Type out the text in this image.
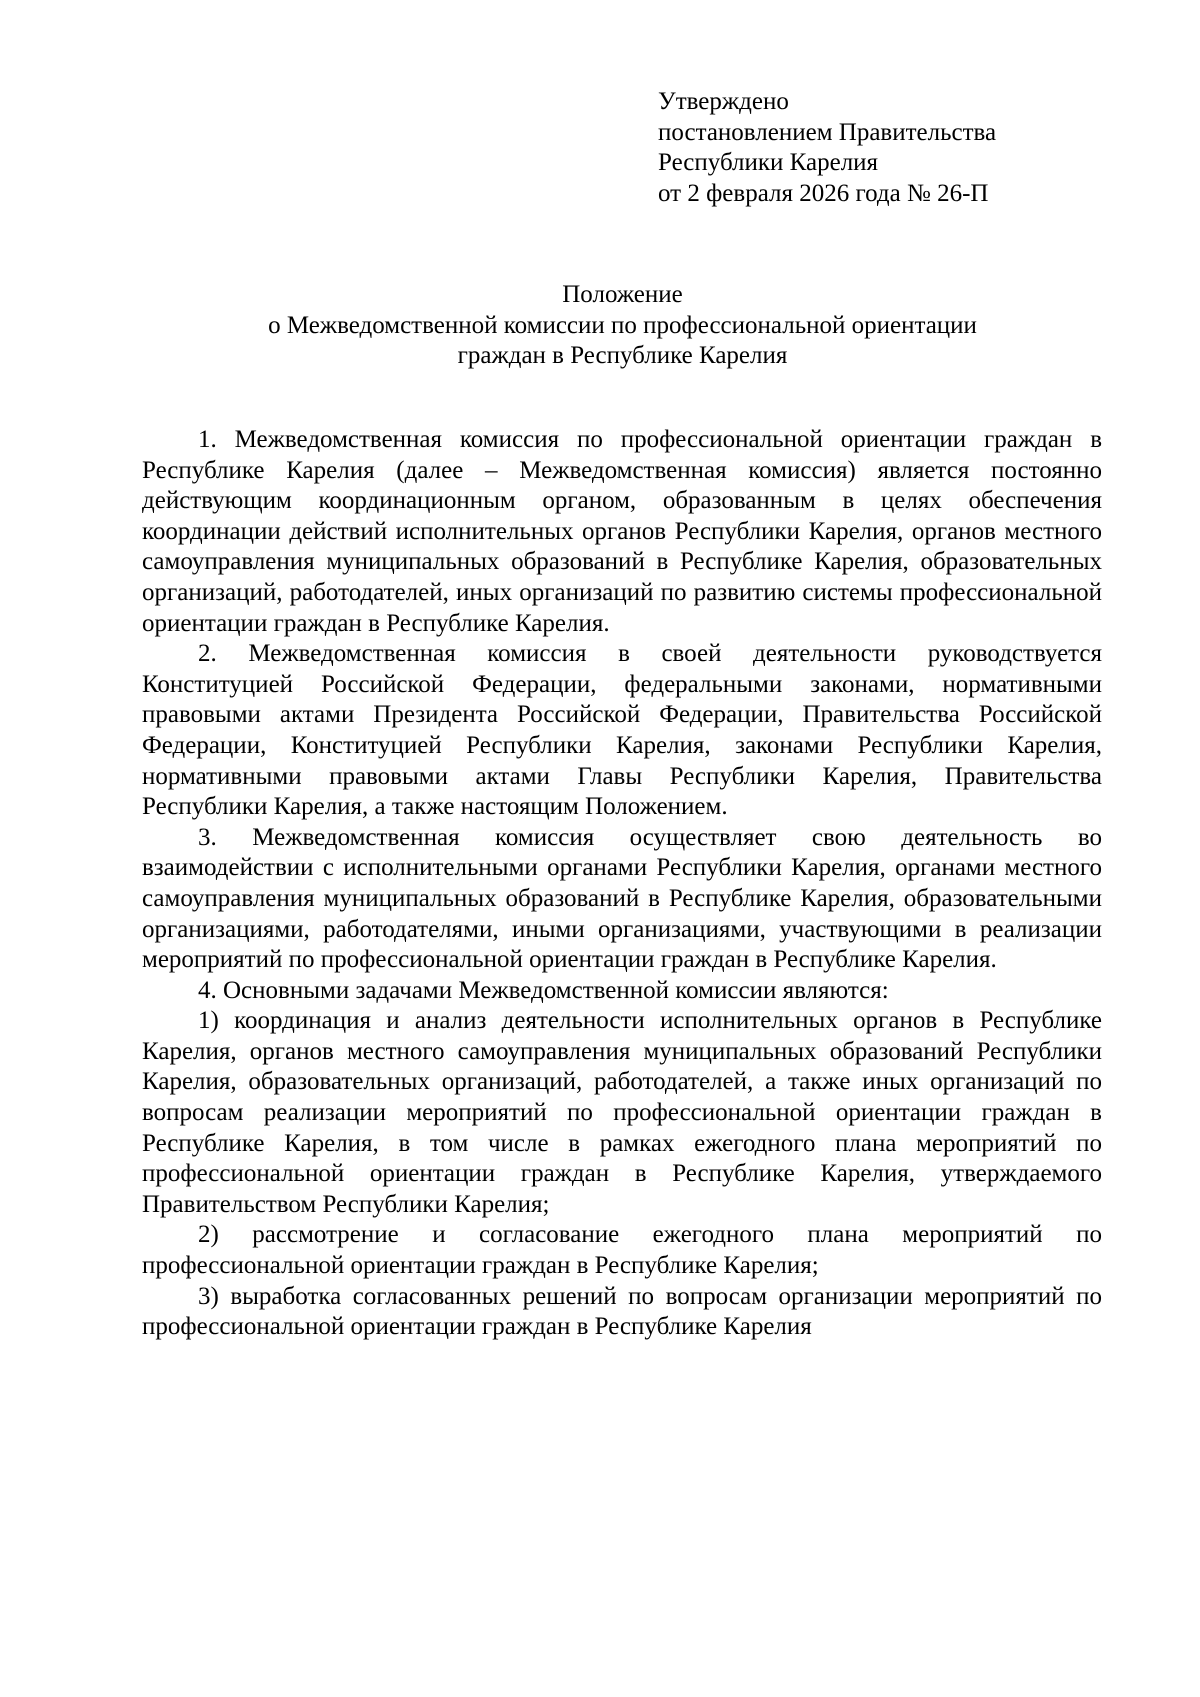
Утверждено
постановлением Правительства
Республики Карелия
от 2 февраля 2026 года № 26-П
Положение
о Межведомственной комиссии по профессиональной ориентации
граждан в Республике Карелия

1. Межведомственная комиссия по профессиональной ориентации граждан в Республике Карелия (далее – Межведомственная комиссия) является постоянно действующим координационным органом, образованным в целях обеспечения координации действий исполнительных органов Республики Карелия, органов местного самоуправления муниципальных образований в Республике Карелия, образовательных организаций, работодателей, иных организаций по развитию системы профессиональной ориентации граждан в Республике Карелия.

2. Межведомственная комиссия в своей деятельности руководствуется Конституцией Российской Федерации, федеральными законами, нормативными правовыми актами Президента Российской Федерации, Правительства Российской Федерации, Конституцией Республики Карелия, законами Республики Карелия, нормативными правовыми актами Главы Республики Карелия, Правительства Республики Карелия, а также настоящим Положением.

3. Межведомственная комиссия осуществляет свою деятельность во взаимодействии с исполнительными органами Республики Карелия, органами местного самоуправления муниципальных образований в Республике Карелия, образовательными организациями, работодателями, иными организациями, участвующими в реализации мероприятий по профессиональной ориентации граждан в Республике Карелия.

4. Основными задачами Межведомственной комиссии являются:

1) координация и анализ деятельности исполнительных органов в Республике Карелия, органов местного самоуправления муниципальных образований Республики Карелия, образовательных организаций, работодателей, а также иных организаций по вопросам реализации мероприятий по профессиональной ориентации граждан в Республике Карелия, в том числе в рамках ежегодного плана мероприятий по профессиональной ориентации граждан в Республике Карелия, утверждаемого Правительством Республики Карелия;

2) рассмотрение и согласование ежегодного плана мероприятий по профессиональной ориентации граждан в Республике Карелия;

3) выработка согласованных решений по вопросам организации мероприятий по профессиональной ориентации граждан в Республике Карелия
